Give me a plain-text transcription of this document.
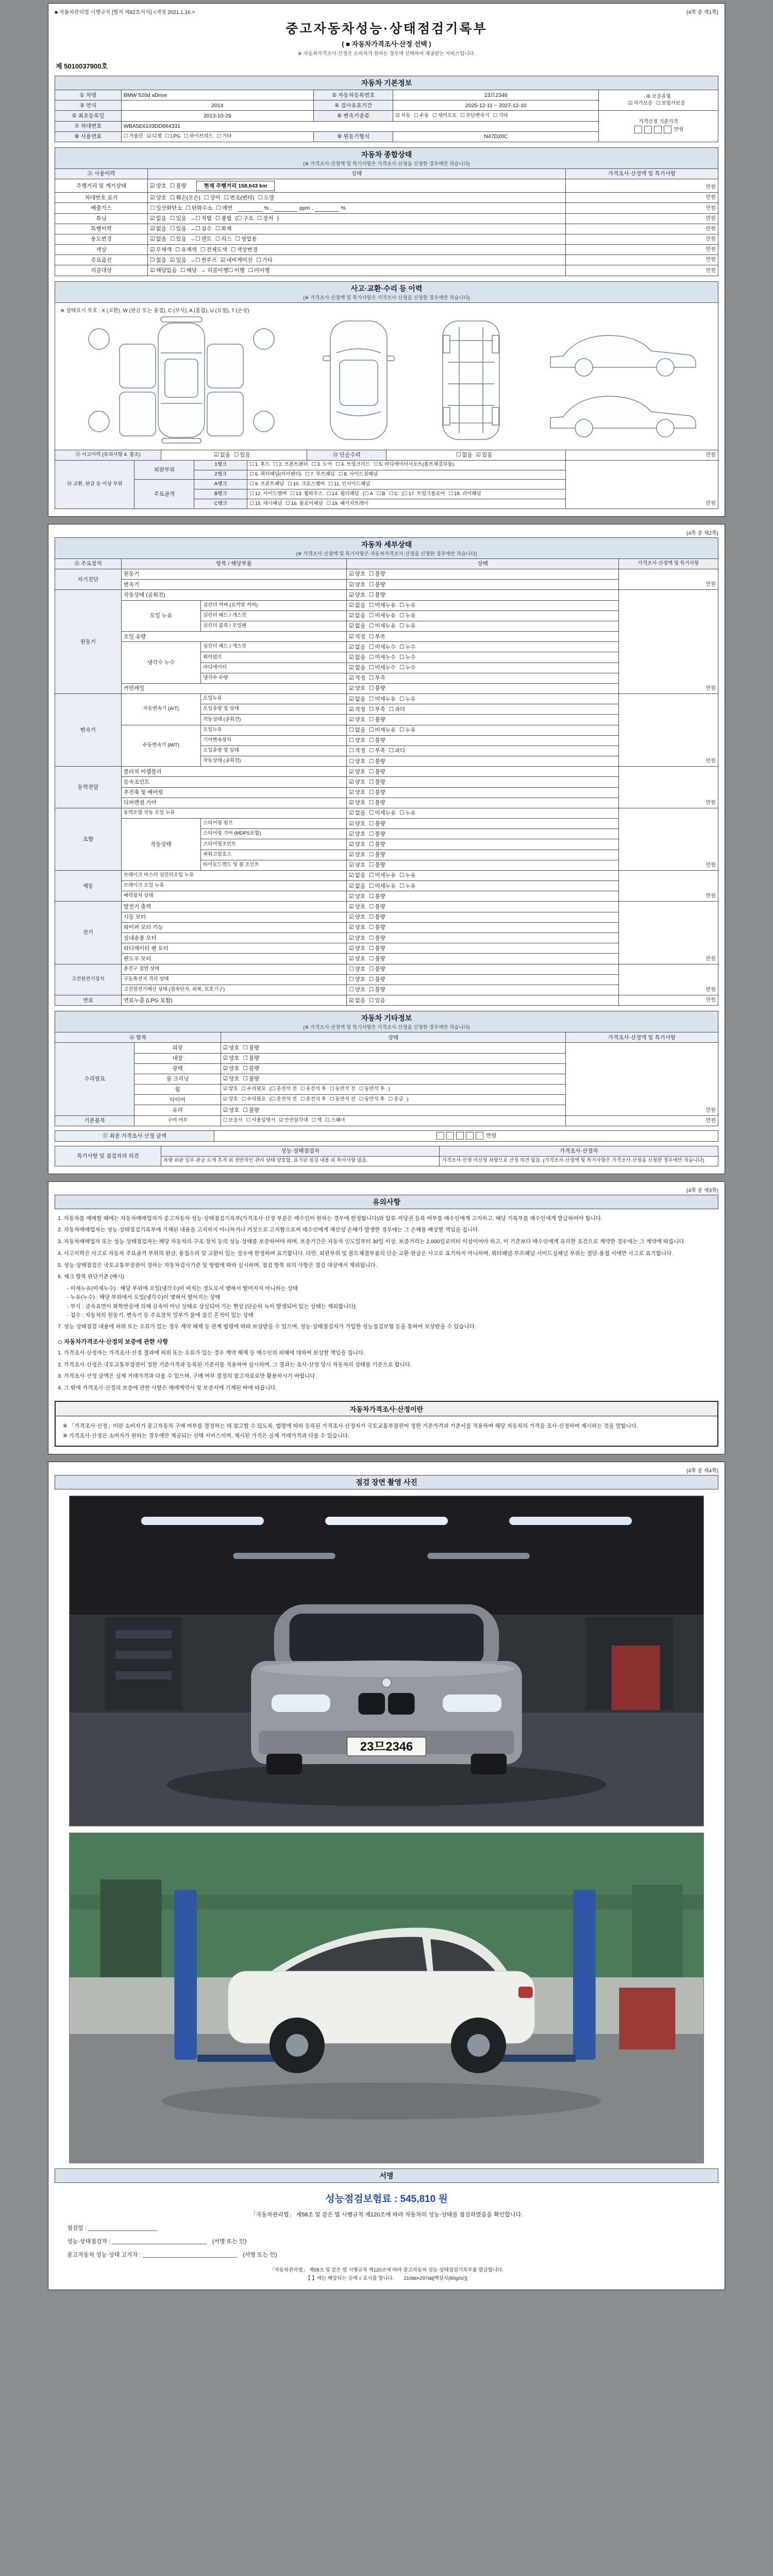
■ 자동차관리법 시행규칙 [별지 제82호서식] <개정 2021.1.16.>	(4쪽 중 제1쪽)
중고자동차성능·상태점검기록부
( ■ 자동차가격조사·산정 선택 )
※ 자동차가격조사·산정은 소비자가 원하는 경우에 선택하여 제공받는 서비스입니다.
제 5010037900호
자동차 기본정보
① 차명	BMW 520d xDrive	② 자동차등록번호	23므2346	⑩ 보증유형
☑ 자가보증 ☐ 보험사보증
③ 연식	2014	④ 검사유효기간	2025-12-11 ~ 2027-12-10	
⑤ 최초등록일	2013-10-29	⑥ 변속기종류	☑ 자동 ☐ 수동 ☐ 세미오토 ☐ 무단변속기 ☐ 기타	가격산정 기준가격
만원
⑦ 차대번호	WBA5E6103DD664331			
⑧ 사용연료	☐ 가솔린 ☑ 디젤 ☐ LPG ☐ 하이브리드 ☐ 기타	⑨ 원동기형식	N47D20C	
자동차 종합상태
(※ 가격조사·산정액 및 특기사항은 가격조사·산정을 신청한 경우에만 적습니다)
⑪ 사용이력	상태	가격조사·산정액 및 특기사항
주행거리 및 계기상태	☑ 양호 ☐ 불량 현재 주행거리 158,643 km	만원
차대번호 표기	☑ 양호 ☐ 훼손(오손) ☐ 상이 ☐ 변조(변타) ☐ 도말	만원
배출가스	☐ 일산화탄소 ☐ 탄화수소 ☐ 매연 % , ppm , %	만원
튜닝	☑ 없음 ☐ 있음 →☐ 적법 ☐ 불법 (☐ 구조 ☐ 장치 )	만원
특별이력	☑ 없음 ☐ 있음 →☐ 침수 ☐ 화재	만원
용도변경	☑ 없음 ☐ 있음 →☐ 렌트 ☐ 리스 ☐ 영업용	만원
색상	☑ 무채색 ☐ 유채색 ☐ 전체도색 ☐ 색상변경	만원
주요옵션	☐ 없음 ☑ 있음 →☐ 썬루프 ☑ 네비게이션 ☐ 기타	만원
리콜대상	☑ 해당없음 ☐ 해당 → 리콜이행☐ 이행 ☐ 미이행	만원
사고·교환·수리 등 이력
(※ 가격조사·산정액 및 특기사항은 가격조사·산정을 신청한 경우에만 적습니다)
※ 상태표시 부호 : X (교환), W (판금 또는 용접), C (부식), A (흠집), U (요철), T (손상)
⑫ 사고이력 (유의사항 4. 참조)	☑ 없음 ☐ 있음	⑬ 단순수리	☐ 없음 ☑ 있음	만원
⑭ 교환, 판금 등 이상 부위	외판부위	1랭크	☐ 1. 후드 ☐ 2. 프론트펜더 ☐ 3. 도어 ☐ 4. 트렁크리드 ☐ 5. 라디에이터서포트(볼트체결부품)	만원
		2랭크	☐ 6. 쿼터패널(리어펜더) ☐ 7. 루프패널 ☐ 8. 사이드실패널	
	주요골격	A랭크	☐ 9. 프론트패널 ☐ 10. 크로스멤버 ☐ 11. 인사이드패널	
		B랭크	☐ 12. 사이드멤버 ☐ 13. 휠하우스 ☐ 14. 필러패널 (☐ A ☐ B ☐ C )☐ 17. 트렁크플로어 ☐ 18. 리어패널	
		C랭크	☐ 15. 대시패널 ☐ 16. 플로어패널 ☐ 19. 패키지트레이	
(4쪽 중 제2쪽)
자동차 세부상태
(※ 가격조사·산정액 및 특기사항은 자동차가격조사·산정을 신청한 경우에만 적습니다)
⑮ 주요장치	항목 / 해당부품		상태	가격조사·산정액 및 특기사항
자기진단	원동기		☑ 양호 ☐ 불량	만원
	변속기		☑ 양호 ☐ 불량	
원동기	작동상태 (공회전)		☑ 양호 ☐ 불량	만원
	오일 누유	실린더 커버 (로커암 커버)	☑ 없음 ☐ 미세누유 ☐ 누유	
		실린더 헤드 / 개스킷	☑ 없음 ☐ 미세누유 ☐ 누유	
		실린더 블록 / 오일팬	☑ 없음 ☐ 미세누유 ☐ 누유	
	오일 유량		☑ 적정 ☐ 부족	
	냉각수 누수	실린더 헤드 / 개스킷	☑ 없음 ☐ 미세누수 ☐ 누수	
		워터펌프	☑ 없음 ☐ 미세누수 ☐ 누수	
		라디에이터	☑ 없음 ☐ 미세누수 ☐ 누수	
		냉각수 수량	☑ 적정 ☐ 부족	
	커먼레일		☑ 양호 ☐ 불량	
변속기	자동변속기 (A/T)	오일누유	☑ 없음 ☐ 미세누유 ☐ 누유	만원
		오일유량 및 상태	☑ 적정 ☐ 부족 ☐ 과다	
		작동상태 (공회전)	☑ 양호 ☐ 불량	
	수동변속기 (M/T)	오일누유	☐ 없음 ☐ 미세누유 ☐ 누유	
		기어변속장치	☐ 양호 ☐ 불량	
		오일유량 및 상태	☐ 적정 ☐ 부족 ☐ 과다	
		작동상태 (공회전)	☐ 양호 ☐ 불량	
동력전달	클러치 어셈블리		☑ 양호 ☐ 불량	만원
	등속조인트		☑ 양호 ☐ 불량	
	추진축 및 베어링		☑ 양호 ☐ 불량	
	디퍼렌셜 기어		☑ 양호 ☐ 불량	
조향	동력조향 작동 오일 누유		☑ 없음 ☐ 미세누유 ☐ 누유	만원
	작동상태	스티어링 펌프	☑ 양호 ☐ 불량	
		스티어링 기어 (MDPS포함)	☑ 양호 ☐ 불량	
		스티어링조인트	☑ 양호 ☐ 불량	
		파워고압호스	☑ 양호 ☐ 불량	
		타이로드엔드 및 볼 조인트	☑ 양호 ☐ 불량	
제동	브레이크 마스터 실린더오일 누유		☑ 없음 ☐ 미세누유 ☐ 누유	만원
	브레이크 오일 누유		☑ 없음 ☐ 미세누유 ☐ 누유	
	배력장치 상태		☑ 양호 ☐ 불량	
전기	발전기 출력		☑ 양호 ☐ 불량	만원
	시동 모터		☑ 양호 ☐ 불량	
	와이퍼 모터 기능		☑ 양호 ☐ 불량	
	실내송풍 모터		☑ 양호 ☐ 불량	
	라디에이터 팬 모터		☑ 양호 ☐ 불량	
	윈도우 모터		☑ 양호 ☐ 불량	
고전원전기장치	충전구 절연 상태		☐ 양호 ☐ 불량	만원
	구동축전지 격리 상태		☐ 양호 ☐ 불량	
	고전원전기배선 상태 (접속단자, 피복, 보호기구)		☐ 양호 ☐ 불량	
연료	연료누출 (LPG 포함)		☑ 없음 ☐ 있음	만원
자동차 기타정보
(※ 가격조사·산정액 및 특기사항은 가격조사·산정을 신청한 경우에만 적습니다)
⑯ 항목		상태	가격조사·산정액 및 특기사항
수리필요	외장	☑ 양호 ☐ 불량	만원
	내장	☑ 양호 ☐ 불량	
	광택	☑ 양호 ☐ 불량	
	룸 크리닝	☑ 양호 ☐ 불량	
	휠	☑ 양호 ☐ 수리필요 (☐ 운전석 전 ☐ 운전석 후 ☐ 동반석 전 ☐ 동반석 후 )	
	타이어	☑ 양호 ☐ 수리필요 (☐ 운전석 전 ☐ 운전석 후 ☐ 동반석 전 ☐ 동반석 후 ☐ 응급 )	
	유리	☑ 양호 ☐ 불량	
기본품목	구비 여부	☐ 보증서 ☐ 사용설명서 ☑ 안전삼각대 ☐ 잭 ☐ 스패너	만원
⑰ 최종 가격조사·산정 금액	만원
특기사항 및 점검자의 의견	성능·상태점검자	가격조사·산정자
	차량 외판 일부 판금·도색 흔적 외 전반적인 관리 상태 양호함. 표기된 점검 내용 외 특이사항 없음.	가격조사·산정 미신청 차량으로 산정 의견 없음. (가격조사·산정액 및 특기사항은 가격조사·산정을 신청한 경우에만 적습니다)
(4쪽 중 제3쪽)
유의사항
1. 자동차를 매매할 때에는 자동차매매업자가 중고자동차 성능·상태점검기록부(가격조사·산정 부분은 매수인이 원하는 경우에 한정합니다)와 압류·저당권 등록 여부를 매수인에게 고지하고, 해당 기록부를 매수인에게 발급하여야 합니다.
2. 자동차매매업자는 성능·상태점검기록부에 기재된 내용을 고지하지 아니하거나 거짓으로 고지함으로써 매수인에게 재산상 손해가 발생한 경우에는 그 손해를 배상할 책임을 집니다.
3. 자동차매매업자 또는 성능·상태점검자는 해당 자동차의 구조·장치 등의 성능·상태를 보증하여야 하며, 보증기간은 자동차 인도일부터 30일 이상, 보증거리는 2,000킬로미터 이상이어야 하고, 이 기준보다 매수인에게 유리한 조건으로 계약한 경우에는 그 계약에 따릅니다.
4. 사고이력은 사고로 자동차 주요골격 부위의 판금, 용접수리 및 교환이 있는 경우에 한정하여 표기합니다. 다만, 외판부위 및 볼트체결부품의 단순 교환·판금은 사고로 표기하지 아니하며, 쿼터패널·루프패널·사이드실패널 부위는 절단·용접 시에만 사고로 표기합니다.
5. 성능·상태점검은 국토교통부장관이 정하는 자동차검사기준 및 방법에 따라 실시하며, 점검 항목 외의 사항은 점검 대상에서 제외됩니다.
6. 체크 항목 판단기준 (예시)
- 미세누유(미세누수) : 해당 부위에 오일(냉각수)이 비치는 정도로서 맺혀서 떨어지지 아니하는 상태
- 누유(누수) : 해당 부위에서 오일(냉각수)이 맺혀서 떨어지는 상태
- 부식 : 금속표면이 화학반응에 의해 금속이 아닌 상태로 상실되어 가는 현상 (단순히 녹이 발생되어 있는 상태는 제외합니다)
- 침수 : 자동차의 원동기, 변속기 등 주요장치 일부가 물에 잠긴 흔적이 있는 상태
7. 성능·상태점검 내용에 허위 또는 오류가 있는 경우 계약 해제 등 관계 법령에 따라 보상받을 수 있으며, 성능·상태점검자가 가입한 성능점검보험 등을 통하여 보상받을 수 있습니다.
◇ 자동차가격조사·산정의 보증에 관한 사항
1. 가격조사·산정자는 가격조사·산정 결과에 허위 또는 오류가 있는 경우 계약 해제 등 매수인의 피해에 대하여 보상할 책임을 집니다.
2. 가격조사·산정은 국토교통부장관이 정한 기준가격과 등록된 기준서를 적용하여 실시하며, 그 결과는 조사·산정 당시 자동차의 상태를 기준으로 합니다.
3. 가격조사·산정 금액은 실제 거래가격과 다를 수 있으며, 구매 여부 결정의 참고자료로만 활용하시기 바랍니다.
4. 그 밖에 가격조사·산정의 보증에 관한 사항은 매매계약서 및 보증서에 기재된 바에 따릅니다.
자동차가격조사·산정이란
※ 「가격조사·산정」이란 소비자가 중고자동차 구매 여부를 결정하는 데 참고할 수 있도록, 법령에 따라 등록된 가격조사·산정자가 국토교통부장관이 정한 기준가격과 기준서를 적용하여 해당 자동차의 가격을 조사·산정하여 제시하는 것을 말합니다.
※ 가격조사·산정은 소비자가 원하는 경우에만 제공되는 선택 서비스이며, 제시된 가격은 실제 거래가격과 다를 수 있습니다.
(4쪽 중 제4쪽)
점검 장면 촬영 사진
23므2346
서명
성능점검보험료 : 545,810 원
「자동차관리법」 제58조 및 같은 법 시행규칙 제120조에 따라 자동차의 성능·상태를 점검하였음을 확인합니다.
점검일 : ______________________
성능·상태점검자 : ______________________________　(서명 또는 인)
중고자동차 성능·상태 고지자 : ______________________________　(서명 또는 인)
「자동차관리법」 제58조 및 같은 법 시행규칙 제120조에 따라 중고자동차 성능·상태점검기록부를 발급합니다.
【 】에는 해당되는 곳에 √ 표시를 합니다.　　210㎜×297㎜[백상지(80g/㎡)]
